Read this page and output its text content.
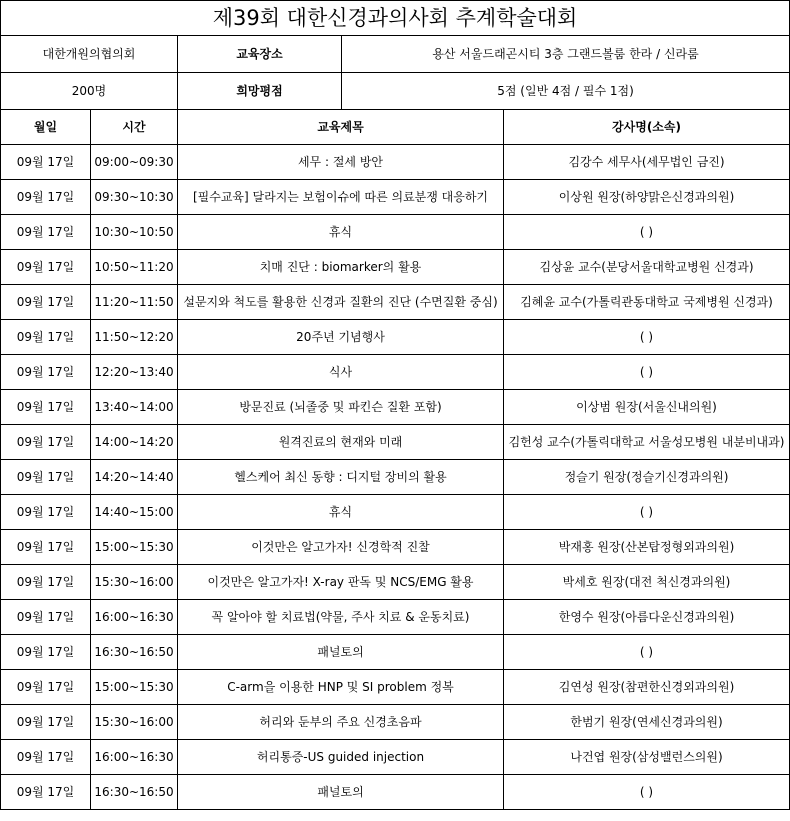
제39회 대한신경과의사회 추계학술대회				
대한개원의협의회		교육장소	용산 서울드래곤시티 3층 그랜드볼룸 한라 / 신라룸	
200명		희망평점	5점 (일반 4점 / 필수 1점)	
월일	시간	교육제목		강사명(소속)
09월 17일	09:00~09:30	세무 : 절세 방안		김강수 세무사(세무법인 금진)
09월 17일	09:30~10:30	[필수교육] 달라지는 보험이슈에 따른 의료분쟁 대응하기		이상원 원장(하양맑은신경과의원)
09월 17일	10:30~10:50	휴식		( )
09월 17일	10:50~11:20	치매 진단 : biomarker의 활용		김상윤 교수(분당서울대학교병원 신경과)
09월 17일	11:20~11:50	설문지와 척도를 활용한 신경과 질환의 진단 (수면질환 중심)		김혜윤 교수(가톨릭관동대학교 국제병원 신경과)
09월 17일	11:50~12:20	20주년 기념행사		( )
09월 17일	12:20~13:40	식사		( )
09월 17일	13:40~14:00	방문진료 (뇌졸중 및 파킨슨 질환 포함)		이상범 원장(서울신내의원)
09월 17일	14:00~14:20	원격진료의 현재와 미래		김헌성 교수(가톨릭대학교 서울성모병원 내분비내과)
09월 17일	14:20~14:40	헬스케어 최신 동향 : 디지털 장비의 활용		정슬기 원장(정슬기신경과의원)
09월 17일	14:40~15:00	휴식		( )
09월 17일	15:00~15:30	이것만은 알고가자! 신경학적 진찰		박재홍 원장(산본탑정형외과의원)
09월 17일	15:30~16:00	이것만은 알고가자! X-ray 판독 및 NCS/EMG 활용		박세호 원장(대전 척신경과의원)
09월 17일	16:00~16:30	꼭 알아야 할 치료법(약물, 주사 치료 & 운동치료)		한영수 원장(아름다운신경과의원)
09월 17일	16:30~16:50	패널토의		( )
09월 17일	15:00~15:30	C-arm을 이용한 HNP 및 SI problem 정복		김연성 원장(참편한신경외과의원)
09월 17일	15:30~16:00	허리와 둔부의 주요 신경초음파		한범기 원장(연세신경과의원)
09월 17일	16:00~16:30	허리통증-US guided injection		나건엽 원장(삼성밸런스의원)
09월 17일	16:30~16:50	패널토의		( )
